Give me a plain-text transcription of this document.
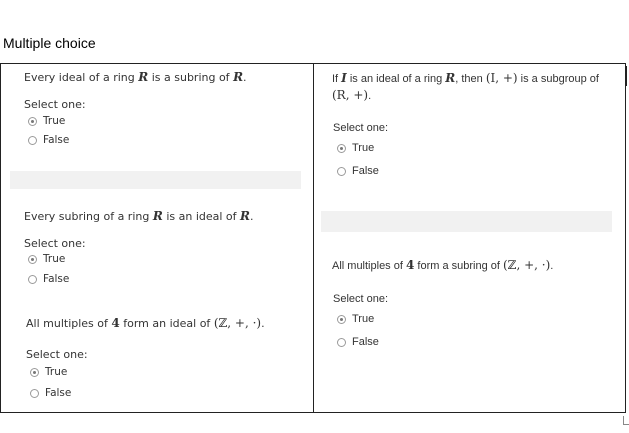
Multiple choice
Every ideal of a ring R is a subring of R.
Select one:
True
False
Every subring of a ring R is an ideal of R.
Select one:
True
False
All multiples of 4 form an ideal of (ℤ, +, ·).
Select one:
True
False
If I is an ideal of a ring R, then (I, +) is a subgroup of (R, +).
Select one:
True
False
All multiples of 4 form a subring of (ℤ, +, ·).
Select one:
True
False
